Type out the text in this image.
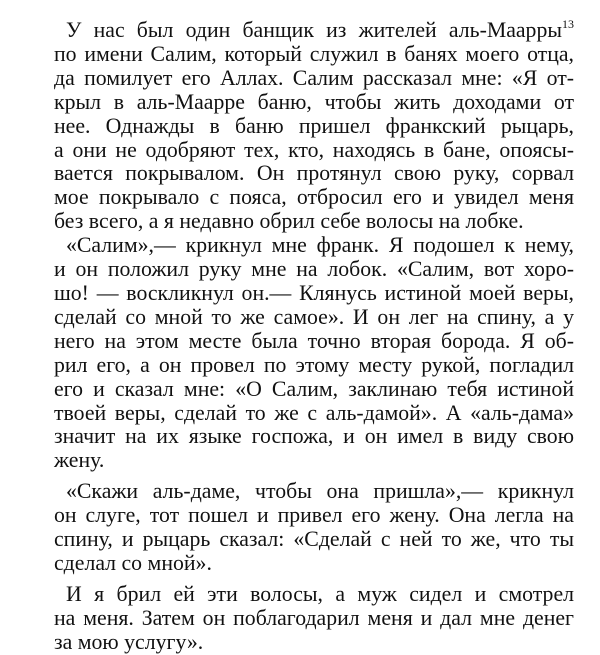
У нас был один банщик из жителей аль-Маарры$^{13}$
по имени Салим, который служил в банях моего отца,
да помилует его Аллах. Салим рассказал мне: «Я от-
крыл в аль-Маарре баню, чтобы жить доходами от
нее. Однажды в баню пришел франкский рыцарь,
а они не одобряют тех, кто, находясь в бане, опоясы-
вается покрывалом. Он протянул свою руку, сорвал
мое покрывало с пояса, отбросил его и увидел меня
без всего, а я недавно обрил себе волосы на лобке.
«Салим»,— крикнул мне франк. Я подошел к нему,
и он положил руку мне на лобок. «Салим, вот хоро-
шо! — воскликнул он.— Клянусь истиной моей веры,
сделай со мной то же самое». И он лег на спину, а у
него на этом месте была точно вторая борода. Я об-
рил его, а он провел по этому месту рукой, погладил
его и сказал мне: «О Салим, заклинаю тебя истиной
твоей веры, сделай то же с аль-дамой». А «аль-дама»
значит на их языке госпожа, и он имел в виду свою
жену.
«Скажи аль-даме, чтобы она пришла»,— крикнул
он слуге, тот пошел и привел его жену. Она легла на
спину, и рыцарь сказал: «Сделай с ней то же, что ты
сделал со мной».
И я брил ей эти волосы, а муж сидел и смотрел
на меня. Затем он поблагодарил меня и дал мне денег
за мою услугу».
